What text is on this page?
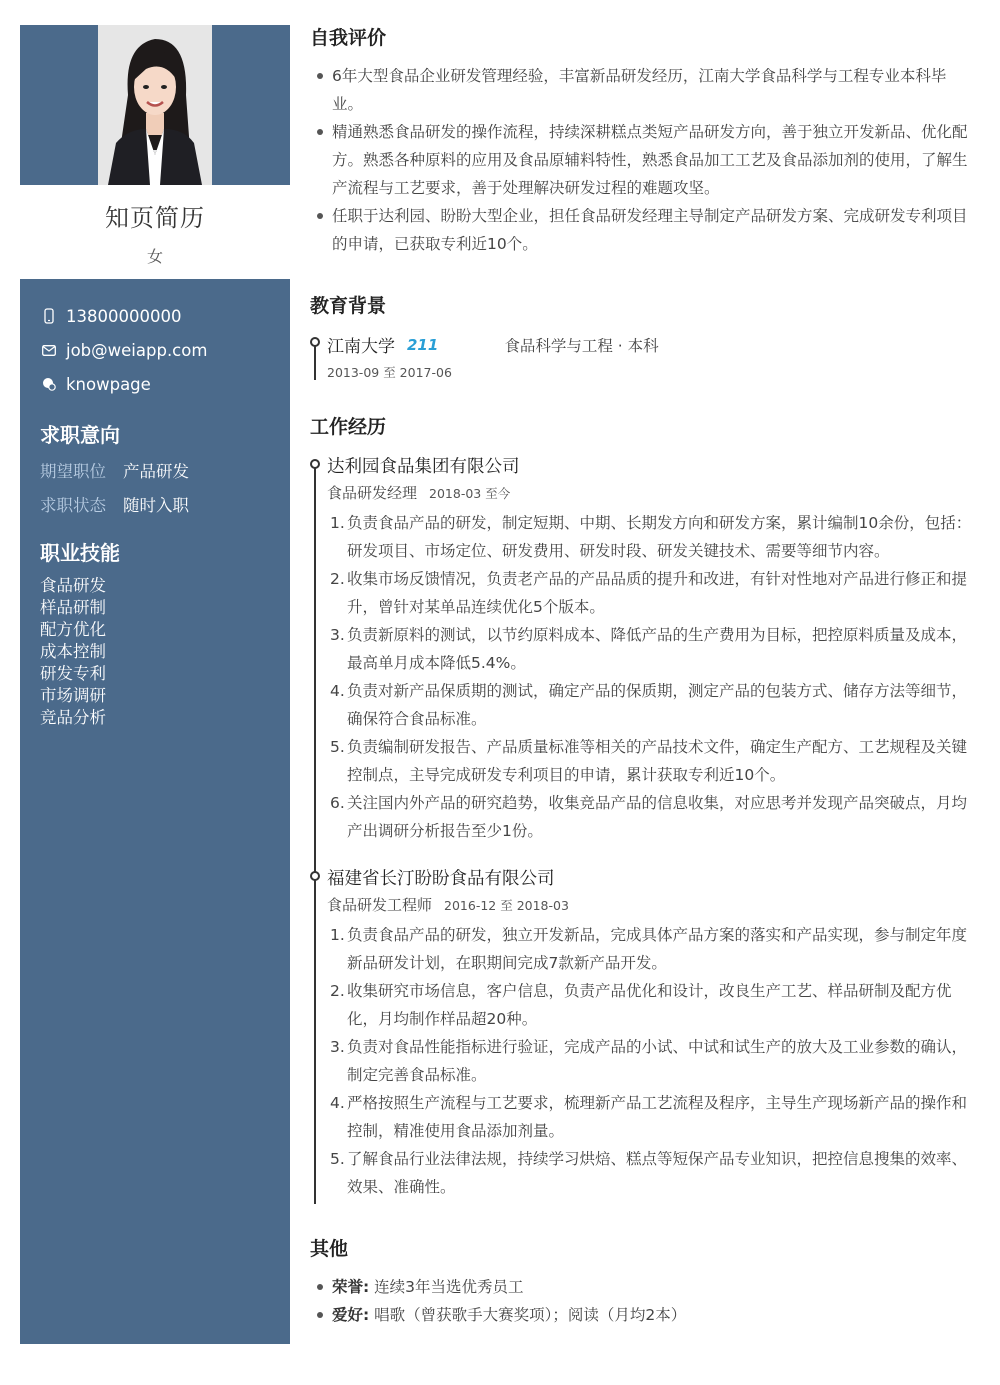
知页简历
女
13800000000
job@weiapp.com
knowpage
求职意向
期望职位	产品研发
求职状态	随时入职
职业技能
食品研发
样品研制
配方优化
成本控制
研发专利
市场调研
竞品分析
自我评价
6年大型食品企业研发管理经验，丰富新品研发经历，江南大学食品科学与工程专业本科毕业。
精通熟悉食品研发的操作流程，持续深耕糕点类短产品研发方向，善于独立开发新品、优化配方。熟悉各种原料的应用及食品原辅料特性，熟悉食品加工工艺及食品添加剂的使用，了解生产流程与工艺要求，善于处理解决研发过程的难题攻坚。
任职于达利园、盼盼大型企业，担任食品研发经理主导制定产品研发方案、完成研发专利项目的申请，已获取专利近10个。
教育背景
江南大学 211	食品科学与工程 · 本科
2013-09 至 2017-06
工作经历
达利园食品集团有限公司
食品研发经理 2018-03 至今
1. 负责食品产品的研发，制定短期、中期、长期发方向和研发方案，累计编制10余份，包括：研发项目、市场定位、研发费用、研发时段、研发关键技术、需要等细节内容。
2. 收集市场反馈情况，负责老产品的产品品质的提升和改进，有针对性地对产品进行修正和提升，曾针对某单品连续优化5个版本。
3. 负责新原料的测试，以节约原料成本、降低产品的生产费用为目标，把控原料质量及成本，最高单月成本降低5.4%。
4. 负责对新产品保质期的测试，确定产品的保质期，测定产品的包装方式、储存方法等细节，确保符合食品标准。
5. 负责编制研发报告、产品质量标准等相关的产品技术文件，确定生产配方、工艺规程及关键控制点，主导完成研发专利项目的申请，累计获取专利近10个。
6. 关注国内外产品的研究趋势，收集竞品产品的信息收集，对应思考并发现产品突破点，月均产出调研分析报告至少1份。
福建省长汀盼盼食品有限公司
食品研发工程师 2016-12 至 2018-03
1. 负责食品产品的研发，独立开发新品，完成具体产品方案的落实和产品实现，参与制定年度新品研发计划，在职期间完成7款新产品开发。
2. 收集研究市场信息，客户信息，负责产品优化和设计，改良生产工艺、样品研制及配方优化，月均制作样品超20种。
3. 负责对食品性能指标进行验证，完成产品的小试、中试和试生产的放大及工业参数的确认，制定完善食品标准。
4. 严格按照生产流程与工艺要求，梳理新产品工艺流程及程序，主导生产现场新产品的操作和控制，精准使用食品添加剂量。
5. 了解食品行业法律法规，持续学习烘焙、糕点等短保产品专业知识，把控信息搜集的效率、效果、准确性。
其他
荣誉: 连续3年当选优秀员工
爱好: 唱歌（曾获歌手大赛奖项）；阅读（月均2本）
